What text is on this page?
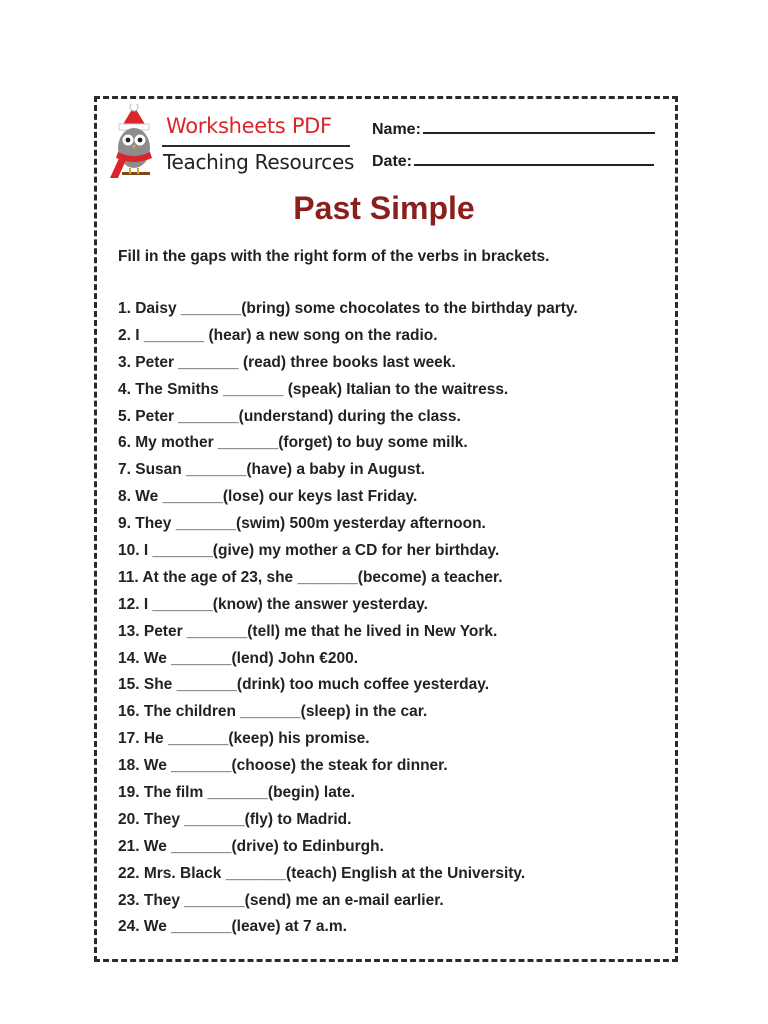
Worksheets PDF
Teaching Resources
Name:
Date:
Past Simple
Fill in the gaps with the right form of the verbs in brackets.
1. Daisy _______(bring) some chocolates to the birthday party.
2. I _______ (hear) a new song on the radio.
3. Peter _______ (read) three books last week.
4. The Smiths _______ (speak) Italian to the waitress.
5. Peter _______(understand) during the class.
6. My mother _______(forget) to buy some milk.
7. Susan _______(have) a baby in August.
8. We _______(lose) our keys last Friday.
9. They _______(swim) 500m yesterday afternoon.
10. I _______(give) my mother a CD for her birthday.
11. At the age of 23, she _______(become) a teacher.
12. I _______(know) the answer yesterday.
13. Peter _______(tell) me that he lived in New York.
14. We _______(lend) John €200.
15. She _______(drink) too much coffee yesterday.
16. The children _______(sleep) in the car.
17. He _______(keep) his promise.
18. We _______(choose) the steak for dinner.
19. The film _______(begin) late.
20. They _______(fly) to Madrid.
21. We _______(drive) to Edinburgh.
22. Mrs. Black _______(teach) English at the University.
23. They _______(send) me an e-mail earlier.
24. We _______(leave) at 7 a.m.
